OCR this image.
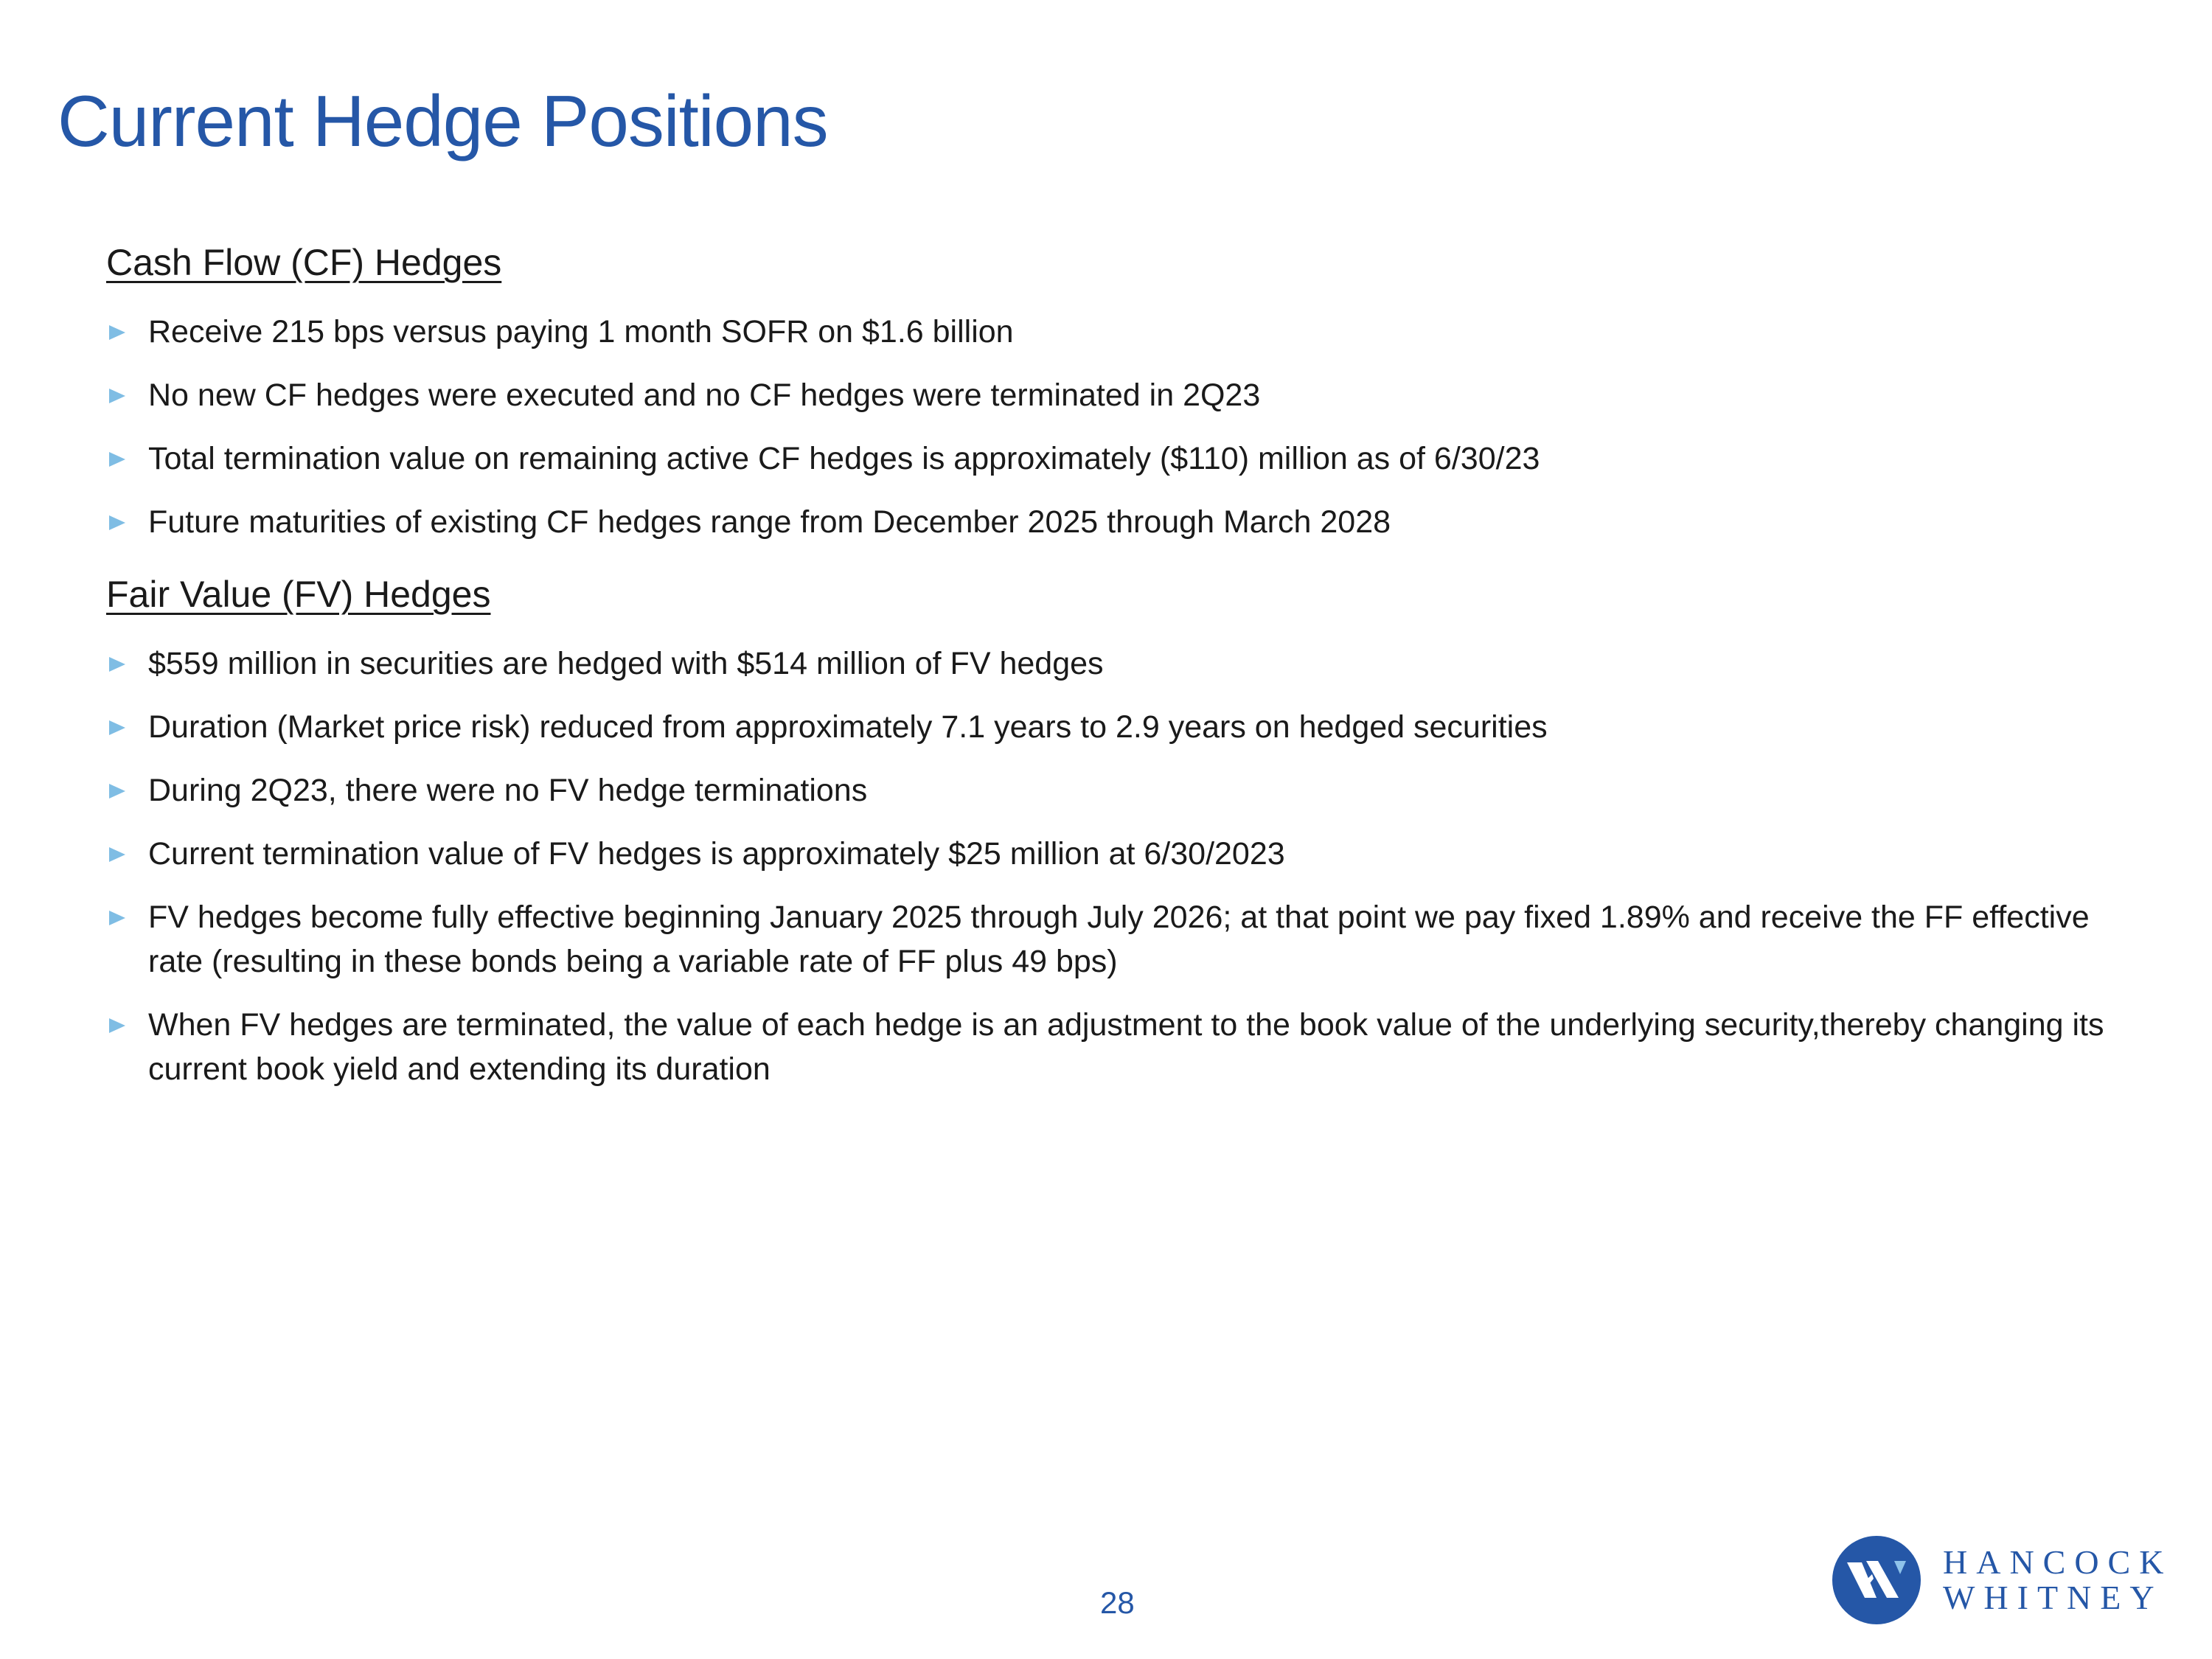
Current Hedge Positions
Cash Flow (CF) Hedges
Receive 215 bps versus paying 1 month SOFR on $1.6 billion
No new CF hedges were executed and no CF hedges were terminated in 2Q23
Total termination value on remaining active CF hedges is approximately ($110) million as of 6/30/23
Future maturities of existing CF hedges range from December 2025 through March 2028
Fair Value (FV) Hedges
$559 million in securities are hedged with $514 million of FV hedges
Duration (Market price risk) reduced from approximately 7.1 years to 2.9 years on hedged securities
During 2Q23, there were no FV hedge terminations
Current termination value of FV hedges is approximately $25 million at 6/30/2023
FV hedges become fully effective beginning January 2025 through July 2026; at that point we pay fixed 1.89% and receive the FF effective rate (resulting in these bonds being a variable rate of FF plus 49 bps)
When FV hedges are terminated, the value of each hedge is an adjustment to the book value of the underlying security,thereby changing its current book yield and extending its duration
28
HANCOCK
WHITNEY
